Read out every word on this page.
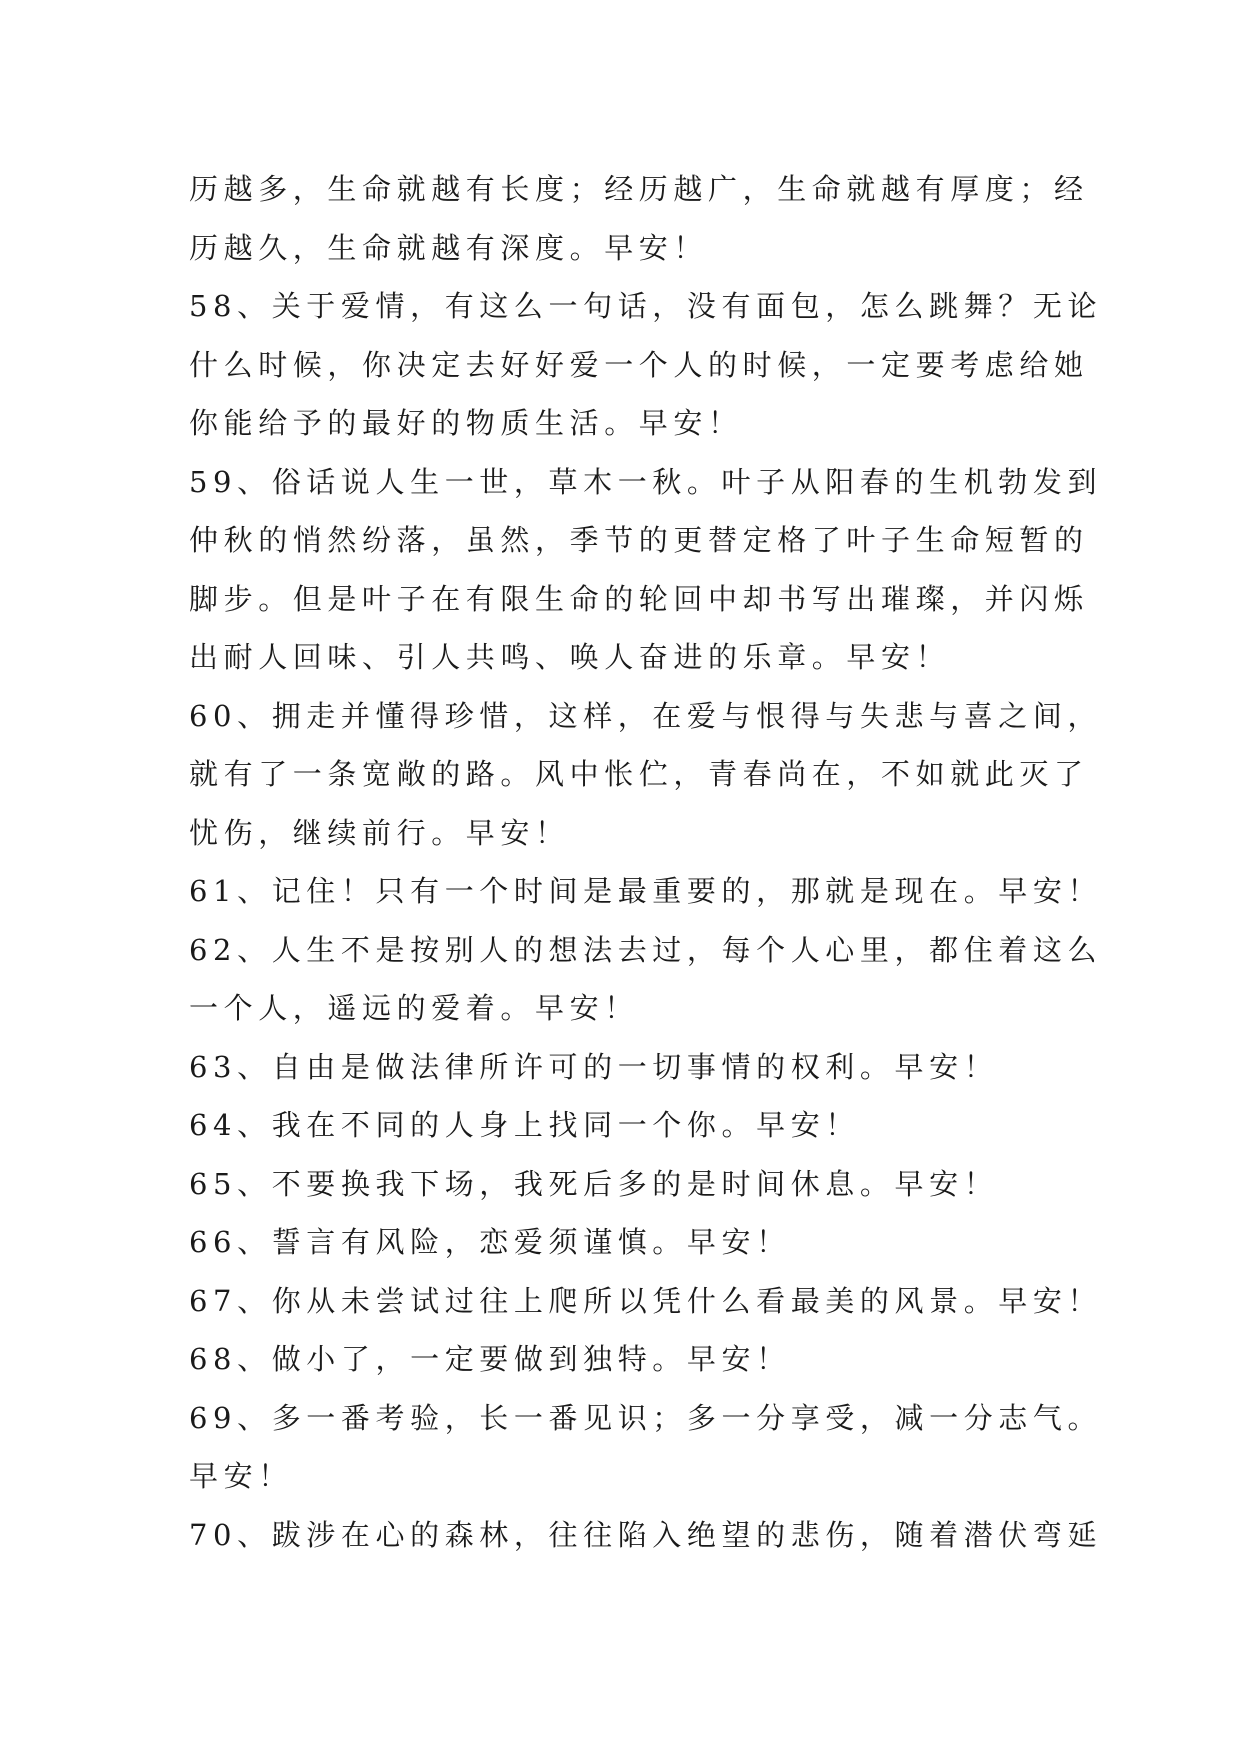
历越多，生命就越有长度；经历越广，生命就越有厚度；经
历越久，生命就越有深度。早安！
58、关于爱情，有这么一句话，没有面包，怎么跳舞？无论
什么时候，你决定去好好爱一个人的时候，一定要考虑给她
你能给予的最好的物质生活。早安！
59、俗话说人生一世，草木一秋。叶子从阳春的生机勃发到
仲秋的悄然纷落，虽然，季节的更替定格了叶子生命短暂的
脚步。但是叶子在有限生命的轮回中却书写出璀璨，并闪烁
出耐人回味、引人共鸣、唤人奋进的乐章。早安！
60、拥走并懂得珍惜，这样，在爱与恨得与失悲与喜之间，
就有了一条宽敞的路。风中怅伫，青春尚在，不如就此灭了
忧伤，继续前行。早安！
61、记住！只有一个时间是最重要的，那就是现在。早安！
62、人生不是按别人的想法去过，每个人心里，都住着这么
一个人，遥远的爱着。早安！
63、自由是做法律所许可的一切事情的权利。早安！
64、我在不同的人身上找同一个你。早安！
65、不要换我下场，我死后多的是时间休息。早安！
66、誓言有风险，恋爱须谨慎。早安！
67、你从未尝试过往上爬所以凭什么看最美的风景。早安！
68、做小了，一定要做到独特。早安！
69、多一番考验，长一番见识；多一分享受，减一分志气。
早安！
70、跋涉在心的森林，往往陷入绝望的悲伤，随着潜伏弯延
